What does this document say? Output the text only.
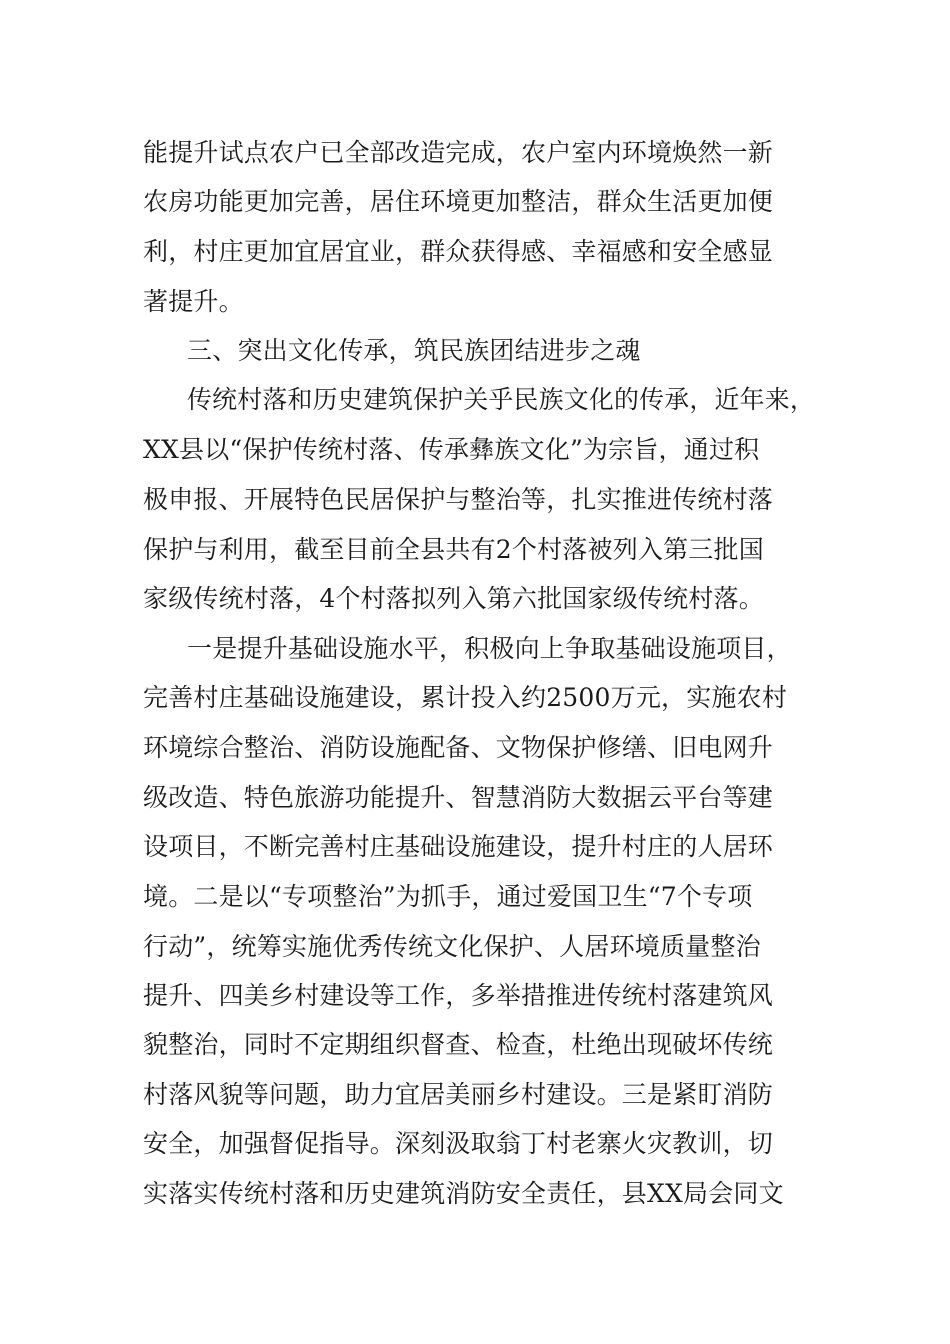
能提升试点农户已全部改造完成，农户室内环境焕然一新
农房功能更加完善，居住环境更加整洁，群众生活更加便
利，村庄更加宜居宜业，群众获得感、幸福感和安全感显
著提升。
三、突出文化传承，筑民族团结进步之魂
传统村落和历史建筑保护关乎民族文化的传承，近年来，
XX县以“保护传统村落、传承彝族文化”为宗旨，通过积
极申报、开展特色民居保护与整治等，扎实推进传统村落
保护与利用，截至目前全县共有2个村落被列入第三批国
家级传统村落，4个村落拟列入第六批国家级传统村落。
一是提升基础设施水平，积极向上争取基础设施项目，
完善村庄基础设施建设，累计投入约2500万元，实施农村
环境综合整治、消防设施配备、文物保护修缮、旧电网升
级改造、特色旅游功能提升、智慧消防大数据云平台等建
设项目，不断完善村庄基础设施建设，提升村庄的人居环
境。二是以“专项整治”为抓手，通过爱国卫生“7个专项
行动”，统筹实施优秀传统文化保护、人居环境质量整治
提升、四美乡村建设等工作，多举措推进传统村落建筑风
貌整治，同时不定期组织督查、检查，杜绝出现破坏传统
村落风貌等问题，助力宜居美丽乡村建设。三是紧盯消防
安全，加强督促指导。深刻汲取翁丁村老寨火灾教训，切
实落实传统村落和历史建筑消防安全责任，县XX局会同文
